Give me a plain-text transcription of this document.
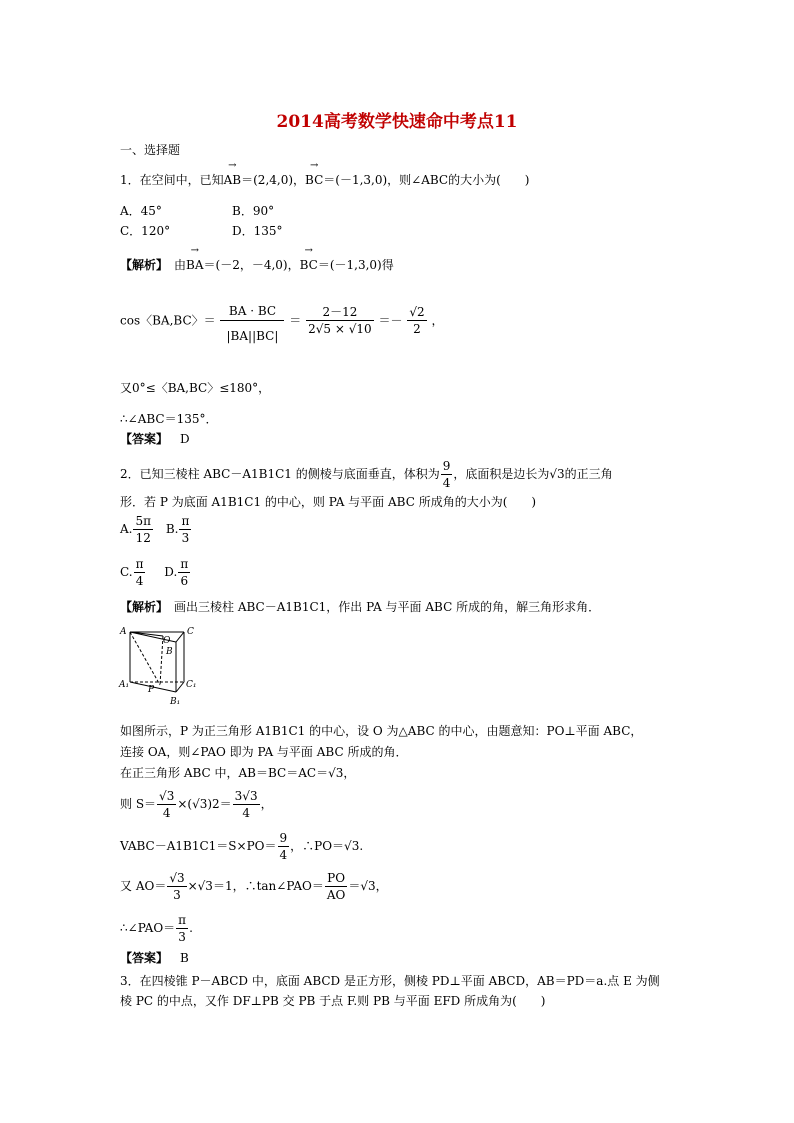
2014高考数学快速命中考点11
一、选择题
1．在空间中，已知→ AB＝(2,4,0)，→ BC＝(－1,3,0)，则∠ABC的大小为(　　)
A．45°	B．90°
C．120°	D．135°
【解析】　由→ BA＝(－2，－4,0)，→ BC＝(－1,3,0)得
cos〈BA,BC〉＝ $\frac{BA \cdot BC}{|BA||BC|} = \frac{2-12}{2√5 \times √10} =- \frac{√2}{2}$ ，
又0°≤〈BA,BC〉≤180°，
∴∠ABC＝135°．
【答案】 D
2．已知三棱柱 ABC－A1B1C1 的侧棱与底面垂直，体积为 $\frac{9}{4}$ ，底面积是边长为√3的正三角
形．若 P 为底面 A1B1C1 的中心，则 PA 与平面 ABC 所成角的大小为(　　)
A. $\frac{5\pi}{12} B$. $\frac{\pi}{3}$
C. $\frac{\pi}{4} D$. $\frac{\pi}{6}$
【解析】　画出三棱柱 ABC－A1B1C1，作出 PA 与平面 ABC 所成的角，解三角形求角．
A	C
O
B
A₁ P	C₁
B₁
如图所示，P 为正三角形 A1B1C1 的中心，设 O 为△ABC 的中心，由题意知：PO⊥平面 ABC，
连接 OA，则∠PAO 即为 PA 与平面 ABC 所成的角．
在正三角形 ABC 中，AB＝BC＝AC＝√3，
则 $S= \frac{√3}{4} \times(√3)2= \frac{3√3}{4}$ ，
VABC－A1B1C1＝S×PO＝ $\frac{9}{4}$ ，∴PO＝√3.
又 $AO= \frac{√3}{3} \times√3=1$，∴tan∠PAO＝ $\frac{PO}{AO} =√3$，
∴∠PAO＝ $\frac{\pi}{3}$ .
【答案】 B
3．在四棱锥 P－ABCD 中，底面 ABCD 是正方形，侧棱 PD⊥平面 ABCD，AB＝PD＝a.点 E 为侧
棱 PC 的中点，又作 DF⊥PB 交 PB 于点 F.则 PB 与平面 EFD 所成角为(　　)
